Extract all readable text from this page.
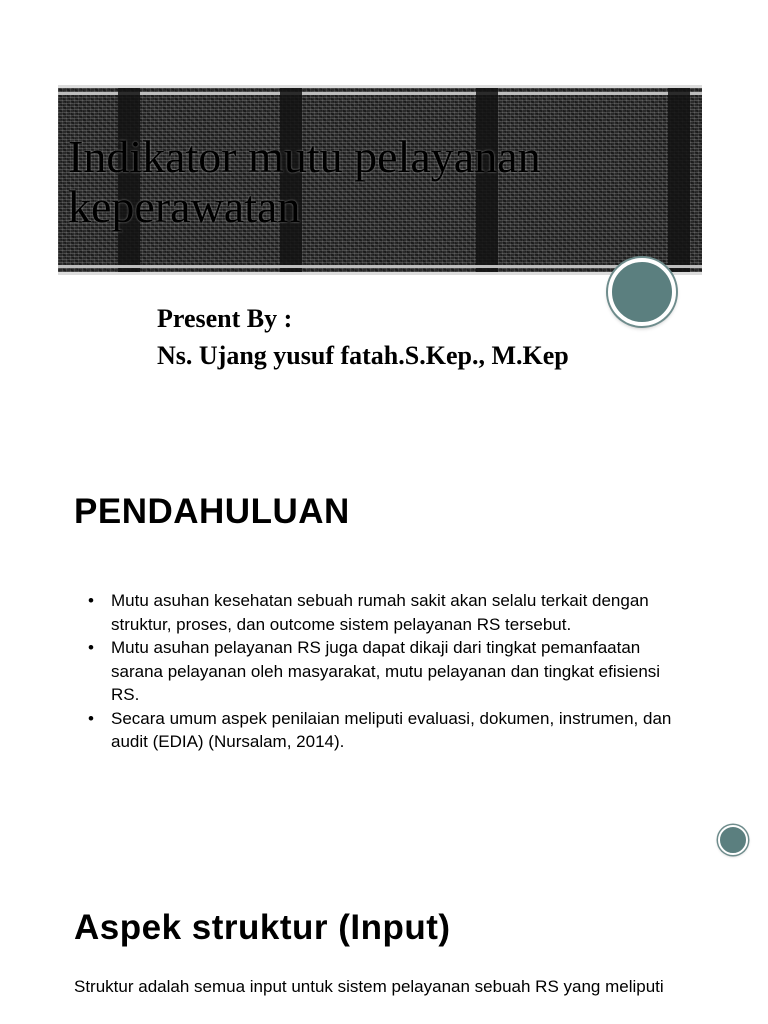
Indikator mutu pelayanan keperawatan

Present By :

Ns. Ujang yusuf fatah.S.Kep., M.Kep

PENDAHULUAN
• Mutu asuhan kesehatan sebuah rumah sakit akan selalu terkait dengan struktur, proses, dan outcome sistem pelayanan RS tersebut.
• Mutu asuhan pelayanan RS juga dapat dikaji dari tingkat pemanfaatan sarana pelayanan oleh masyarakat, mutu pelayanan dan tingkat efisiensi RS.
• Secara umum aspek penilaian meliputi evaluasi, dokumen, instrumen, dan audit (EDIA) (Nursalam, 2014).
Aspek struktur (Input)

Struktur adalah semua input untuk sistem pelayanan sebuah RS yang meliputi
